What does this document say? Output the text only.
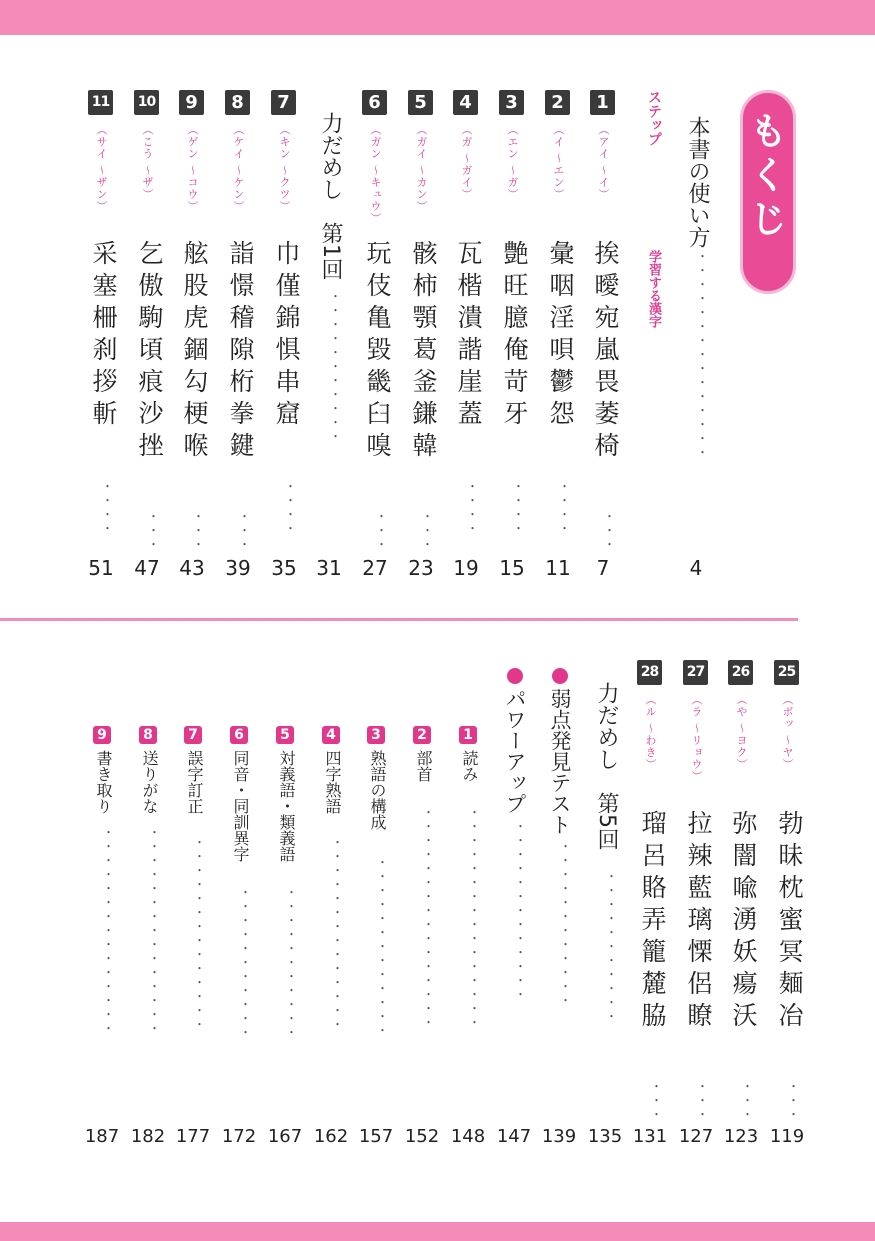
もくじ
本書の使い方
・・・・・・・・・・・・・・・
4
ステップ
学習する漢字
1
（アイ ～イ）
挨曖宛嵐畏萎椅
・・・
7
2
（イ ～エン）
彙咽淫唄鬱怨
・・・・
11
3
（エン ～ガ）
艶旺臆俺苛牙
・・・・
15
4
（ガ ～ガイ）
瓦楷潰諧崖蓋
・・・・
19
5
（ガイ ～カン）
骸柿顎葛釜鎌韓
・・・
23
6
（ガン ～キュウ）
玩伎亀毀畿臼嗅
・・・
27
力だめし　第1回
・・・・・・・・・・・
31
7
（キン ～クツ）
巾僅錦惧串窟
・・・・
35
8
（ケイ ～ケン）
詣憬稽隙桁拳鍵
・・・
39
9
（ゲン ～コウ）
舷股虎錮勾梗喉
・・・
43
10
（こう ～ザ）
乞傲駒頃痕沙挫
・・・
47
11
（サイ ～ザン）
采塞柵刹拶斬
・・・・
51
25
（ボッ ～ヤ）
勃昧枕蜜冥麺冶
・・・
119
26
（や ～ヨク）
弥闇喩湧妖瘍沃
・・・
123
27
（ラ ～リョウ）
拉辣藍璃慄侶瞭
・・・
127
28
（ル ～わき）
瑠呂賂弄籠麓脇
・・・
131
力だめし　第5回
・・・・・・・・・・・
135
弱点発見テスト
・・・・・・・・・・・・
139
パワーアップ
・・・・・・・・・・・・・
147
1
読み
・・・・・・・・・・・・・・・・
148
2
部首
・・・・・・・・・・・・・・・・
152
3
熟語の構成
・・・・・・・・・・・・・
157
4
四字熟語
・・・・・・・・・・・・・・
162
5
対義語・類義語
・・・・・・・・・・・
167
6
同音・同訓異字
・・・・・・・・・・・
172
7
誤字訂正
・・・・・・・・・・・・・・
177
8
送りがな
・・・・・・・・・・・・・・・
182
9
書き取り
・・・・・・・・・・・・・・・
187
